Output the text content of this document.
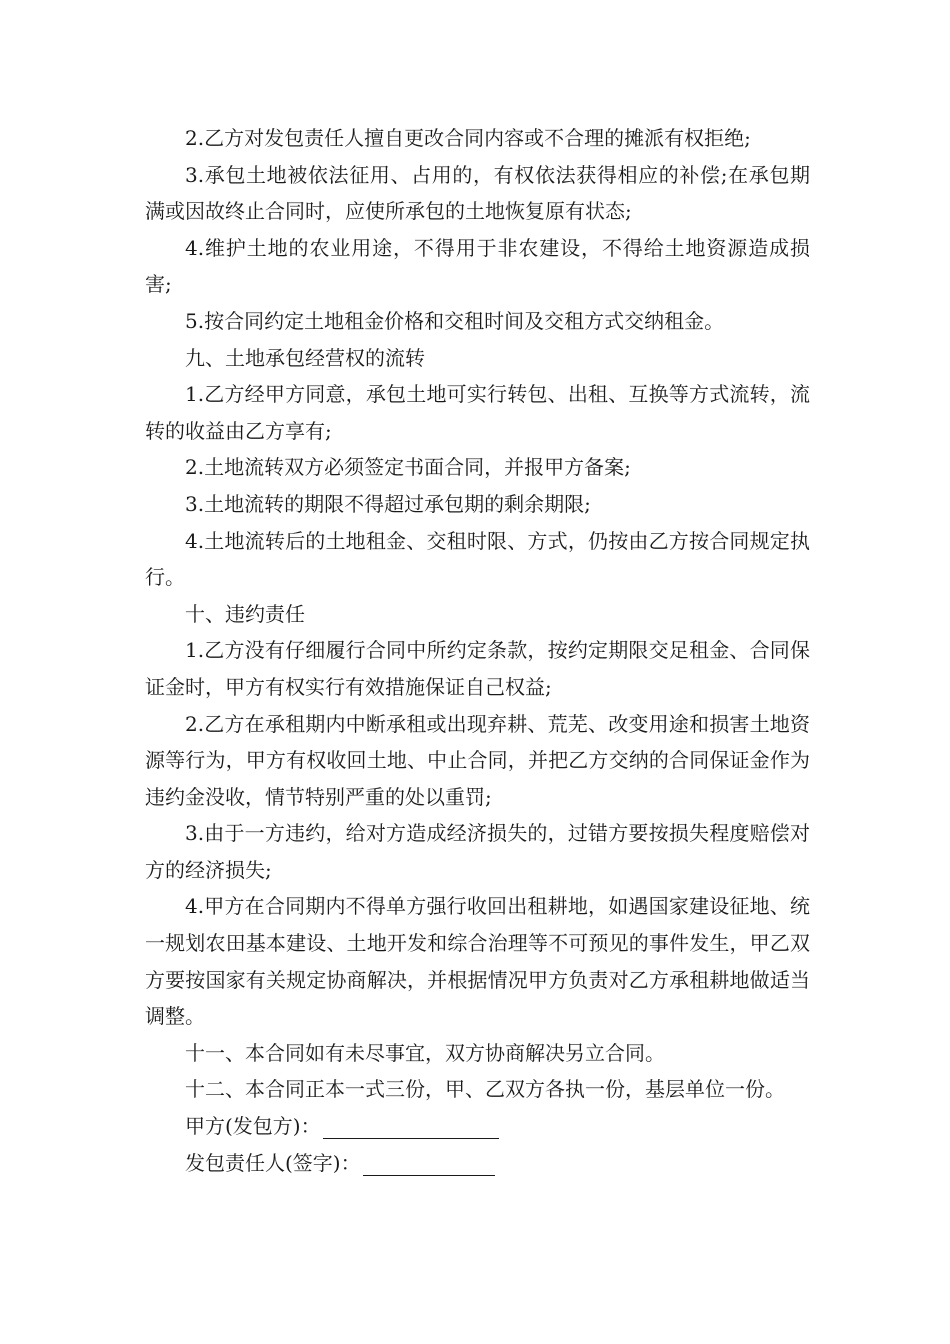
2.乙方对发包责任人擅自更改合同内容或不合理的摊派有权拒绝;

3.承包土地被依法征用、占用的，有权依法获得相应的补偿;在承包期满或因故终止合同时，应使所承包的土地恢复原有状态;

4.维护土地的农业用途，不得用于非农建设，不得给土地资源造成损害;

5.按合同约定土地租金价格和交租时间及交租方式交纳租金。

九、土地承包经营权的流转

1.乙方经甲方同意，承包土地可实行转包、出租、互换等方式流转，流转的收益由乙方享有;

2.土地流转双方必须签定书面合同，并报甲方备案;

3.土地流转的期限不得超过承包期的剩余期限;

4.土地流转后的土地租金、交租时限、方式，仍按由乙方按合同规定执行。

十、违约责任

1.乙方没有仔细履行合同中所约定条款，按约定期限交足租金、合同保证金时，甲方有权实行有效措施保证自己权益;

2.乙方在承租期内中断承租或出现弃耕、荒芜、改变用途和损害土地资源等行为，甲方有权收回土地、中止合同，并把乙方交纳的合同保证金作为违约金没收，情节特别严重的处以重罚;

3.由于一方违约，给对方造成经济损失的，过错方要按损失程度赔偿对方的经济损失;

4.甲方在合同期内不得单方强行收回出租耕地，如遇国家建设征地、统一规划农田基本建设、土地开发和综合治理等不可预见的事件发生，甲乙双方要按国家有关规定协商解决，并根据情况甲方负责对乙方承租耕地做适当调整。

十一、本合同如有未尽事宜，双方协商解决另立合同。

十二、本合同正本一式三份，甲、乙双方各执一份，基层单位一份。

甲方(发包方)：

发包责任人(签字)：
